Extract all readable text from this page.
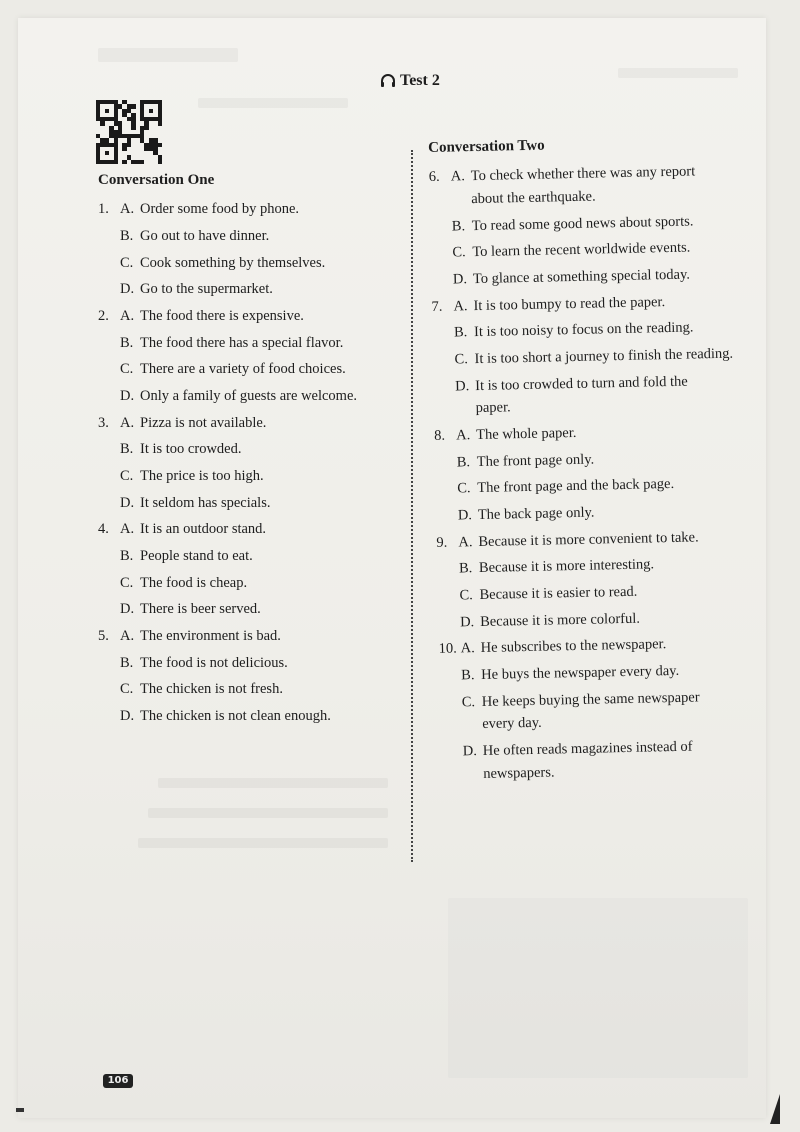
Test 2
Conversation One
1. A. Order some food by phone.
B. Go out to have dinner.
C. Cook something by themselves.
D. Go to the supermarket.
2. A. The food there is expensive.
B. The food there has a special flavor.
C. There are a variety of food choices.
D. Only a family of guests are welcome.
3. A. Pizza is not available.
B. It is too crowded.
C. The price is too high.
D. It seldom has specials.
4. A. It is an outdoor stand.
B. People stand to eat.
C. The food is cheap.
D. There is beer served.
5. A. The environment is bad.
B. The food is not delicious.
C. The chicken is not fresh.
D. The chicken is not clean enough.
Conversation Two
6. A. To check whether there was any report
about the earthquake.
B. To read some good news about sports.
C. To learn the recent worldwide events.
D. To glance at something special today.
7. A. It is too bumpy to read the paper.
B. It is too noisy to focus on the reading.
C. It is too short a journey to finish the reading.
D. It is too crowded to turn and fold the
paper.
8. A. The whole paper.
B. The front page only.
C. The front page and the back page.
D. The back page only.
9. A. Because it is more convenient to take.
B. Because it is more interesting.
C. Because it is easier to read.
D. Because it is more colorful.
10. A. He subscribes to the newspaper.
B. He buys the newspaper every day.
C. He keeps buying the same newspaper
every day.
D. He often reads magazines instead of
newspapers.
106
